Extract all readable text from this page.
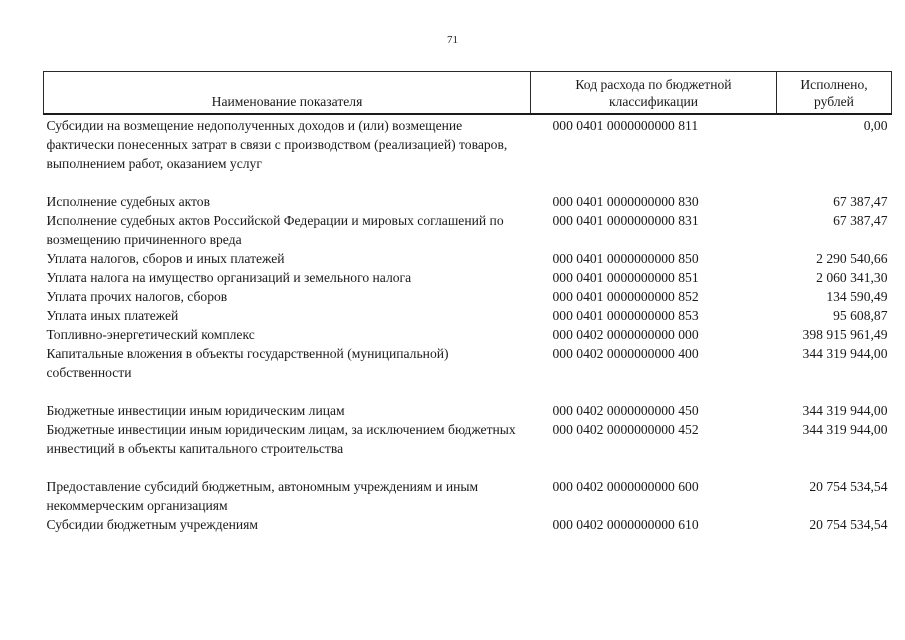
71
Наименование показателя	Код расхода по бюджетной классификации	Исполнено, рублей
Субсидии на возмещение недополученных доходов и (или) возмещение фактически понесенных затрат в связи с производством (реализацией) товаров, выполнением работ, оказанием услуг	000 0401 0000000000 811	0,00
Исполнение судебных актов	000 0401 0000000000 830	67 387,47
Исполнение судебных актов Российской Федерации и мировых соглашений по возмещению причиненного вреда	000 0401 0000000000 831	67 387,47
Уплата налогов, сборов и иных платежей	000 0401 0000000000 850	2 290 540,66
Уплата налога на имущество организаций и земельного налога	000 0401 0000000000 851	2 060 341,30
Уплата прочих налогов, сборов	000 0401 0000000000 852	134 590,49
Уплата иных платежей	000 0401 0000000000 853	95 608,87
Топливно-энергетический комплекс	000 0402 0000000000 000	398 915 961,49
Капитальные вложения в объекты государственной (муниципальной) собственности	000 0402 0000000000 400	344 319 944,00
Бюджетные инвестиции иным юридическим лицам	000 0402 0000000000 450	344 319 944,00
Бюджетные инвестиции иным юридическим лицам, за исключением бюджетных инвестиций в объекты капитального строительства	000 0402 0000000000 452	344 319 944,00
Предоставление субсидий бюджетным, автономным учреждениям и иным некоммерческим организациям	000 0402 0000000000 600	20 754 534,54
Субсидии бюджетным учреждениям	000 0402 0000000000 610	20 754 534,54
